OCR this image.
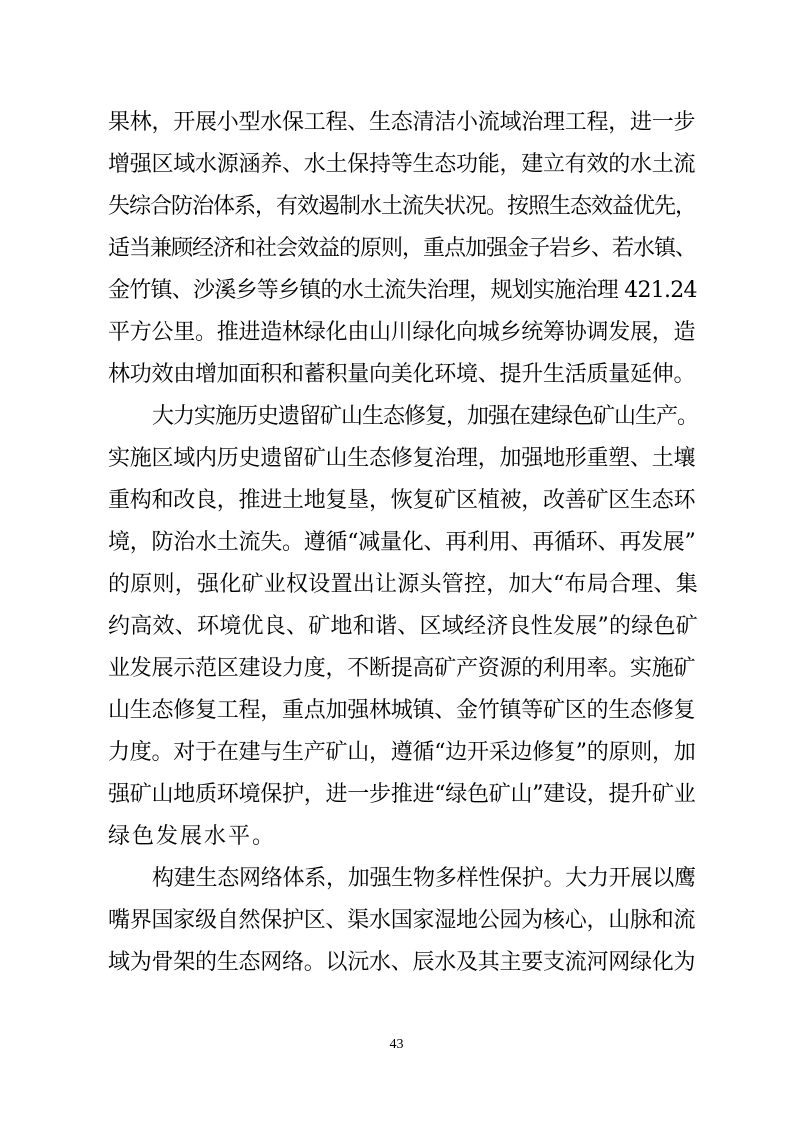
果林，开展小型水保工程、生态清洁小流域治理工程，进一步
增强区域水源涵养、水土保持等生态功能，建立有效的水土流
失综合防治体系，有效遏制水土流失状况。按照生态效益优先，
适当兼顾经济和社会效益的原则，重点加强金子岩乡、若水镇、
金竹镇、沙溪乡等乡镇的水土流失治理，规划实施治理 421.24
平方公里。推进造林绿化由山川绿化向城乡统筹协调发展，造
林功效由增加面积和蓄积量向美化环境、提升生活质量延伸。
大力实施历史遗留矿山生态修复，加强在建绿色矿山生产。
实施区域内历史遗留矿山生态修复治理，加强地形重塑、土壤
重构和改良，推进土地复垦，恢复矿区植被，改善矿区生态环
境，防治水土流失。遵循“减量化、再利用、再循环、再发展”
的原则，强化矿业权设置出让源头管控，加大“布局合理、集
约高效、环境优良、矿地和谐、区域经济良性发展”的绿色矿
业发展示范区建设力度，不断提高矿产资源的利用率。实施矿
山生态修复工程，重点加强林城镇、金竹镇等矿区的生态修复
力度。对于在建与生产矿山，遵循“边开采边修复”的原则，加
强矿山地质环境保护，进一步推进“绿色矿山”建设，提升矿业
绿色发展水平。
构建生态网络体系，加强生物多样性保护。大力开展以鹰
嘴界国家级自然保护区、渠水国家湿地公园为核心，山脉和流
域为骨架的生态网络。以沅水、辰水及其主要支流河网绿化为
43
